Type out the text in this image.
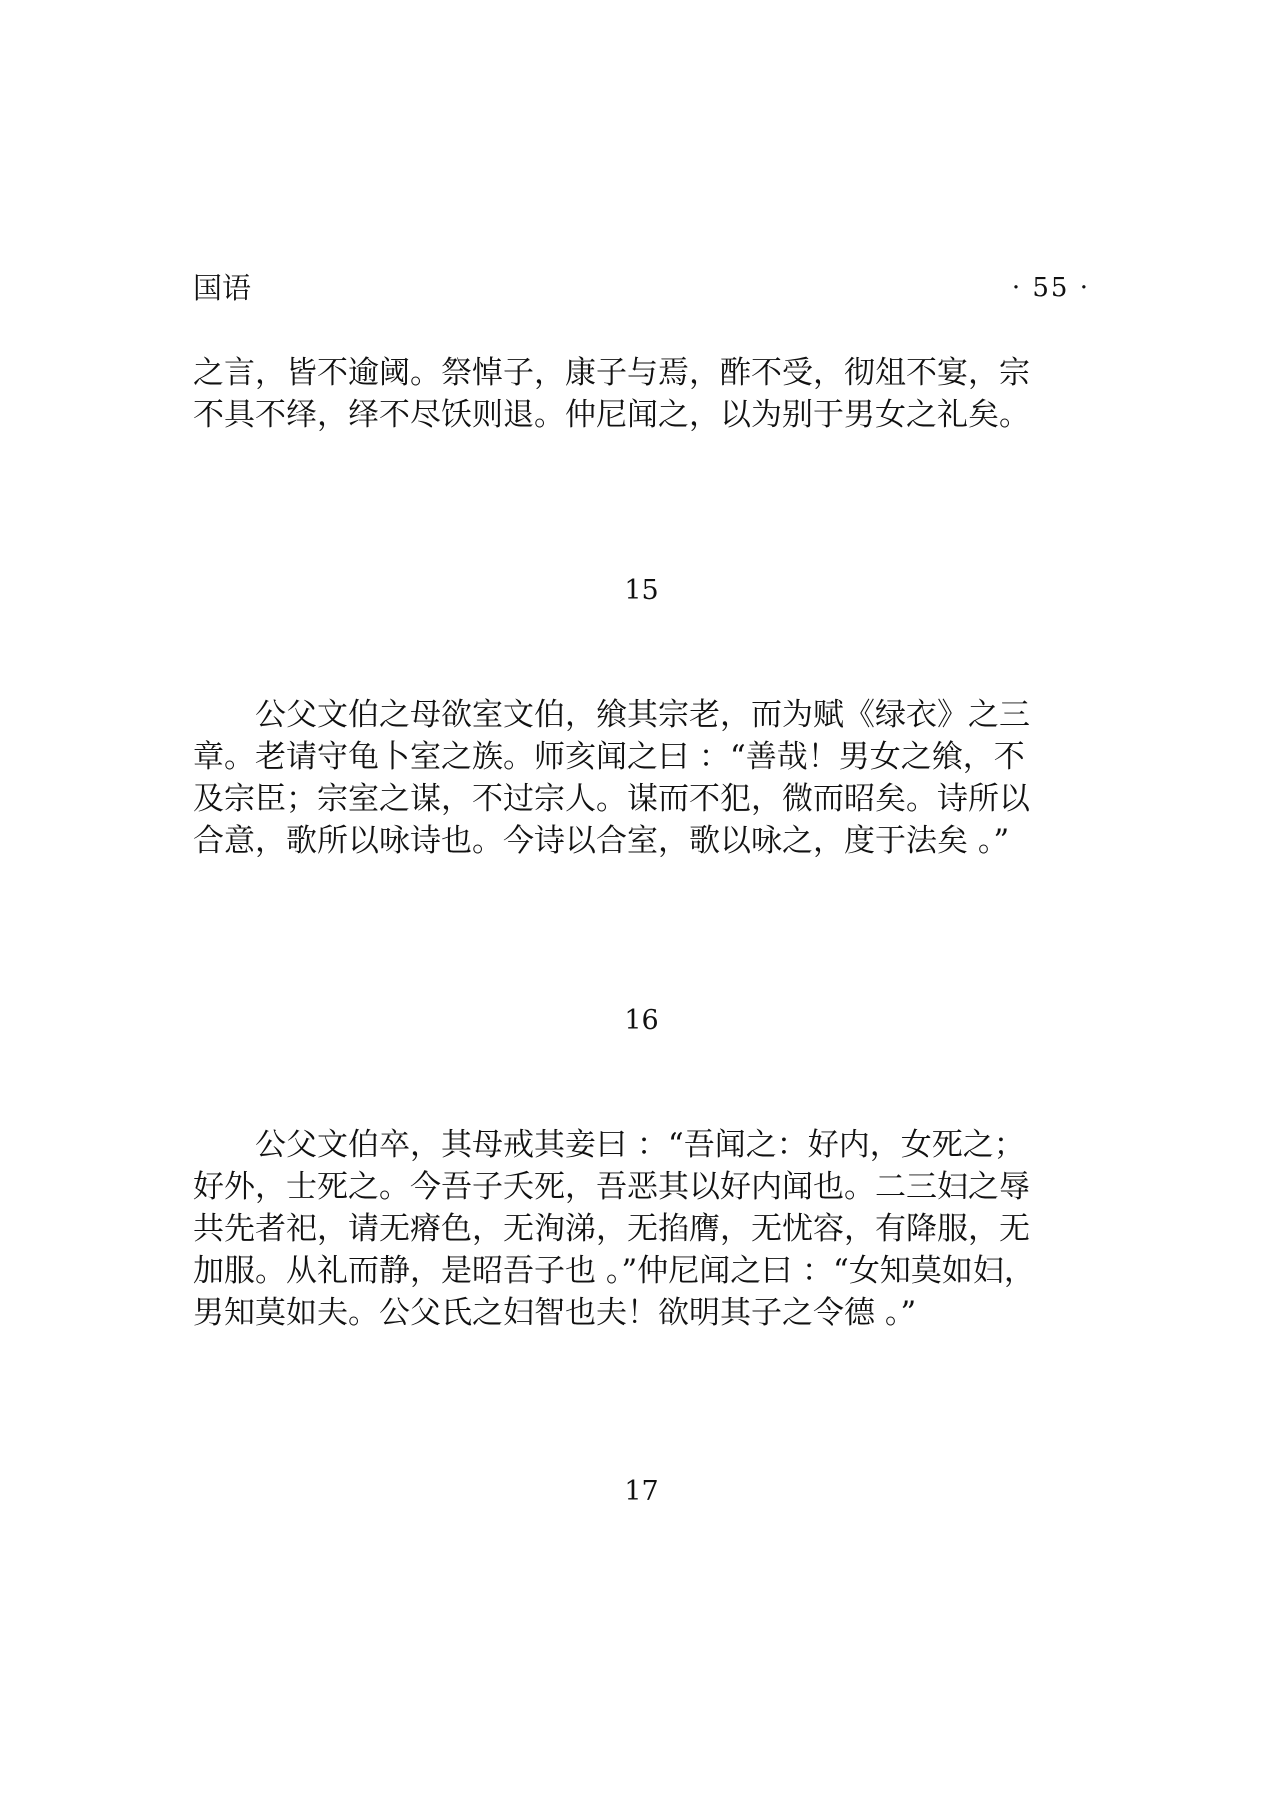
国语	· 55 ·

之言，皆不逾阈。祭悼子，康子与焉，酢不受，彻俎不宴，宗
不具不绎，绎不尽饫则退。仲尼闻之，以为别于男女之礼矣。

15

　　公父文伯之母欲室文伯，飨其宗老，而为赋《绿衣》之三
章。老请守龟卜室之族。师亥闻之曰 ：“善哉！男女之飨，不
及宗臣；宗室之谋，不过宗人。谋而不犯，微而昭矣。诗所以
合意，歌所以咏诗也。今诗以合室，歌以咏之，度于法矣 。”

16

　　公父文伯卒，其母戒其妾曰 ：“吾闻之：好内，女死之；
好外，士死之。今吾子夭死，吾恶其以好内闻也。二三妇之辱
共先者祀，请无瘠色，无洵涕，无掐膺，无忧容，有降服，无
加服。从礼而静，是昭吾子也 。”仲尼闻之曰 ：“女知莫如妇，
男知莫如夫。公父氏之妇智也夫！欲明其子之令德 。”

17
